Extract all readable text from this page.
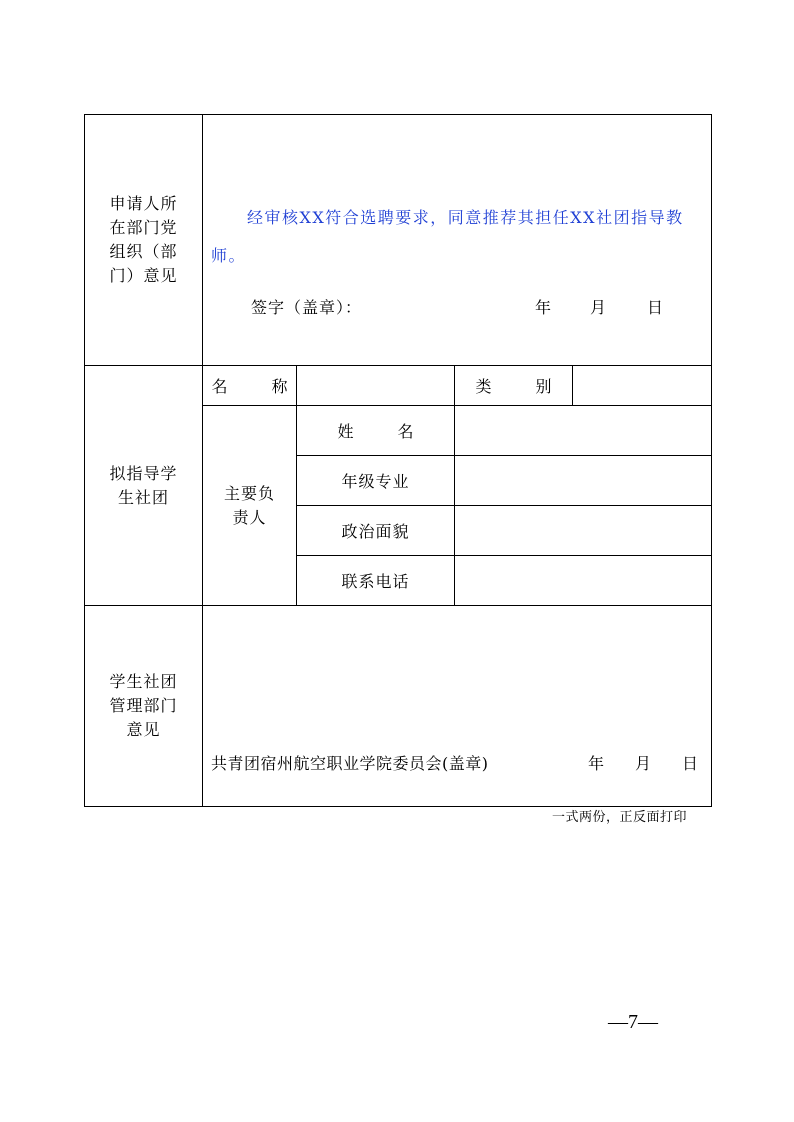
申请人所
在部门党
组织（部
门）意见	经审核XX符合选聘要求，同意推荐其担任XX社团指导教师。
签字（盖章）： 年 月 日			

拟指导学
生社团	名　称		类　别	

	主要负
责人	姓　名		
		年级专业		
		政治面貌		
		联系电话		

学生社团
管理部门
意见	共青团宿州航空职业学院委员会(盖章) 年 月 日			
一式两份，正反面打印
—7—
